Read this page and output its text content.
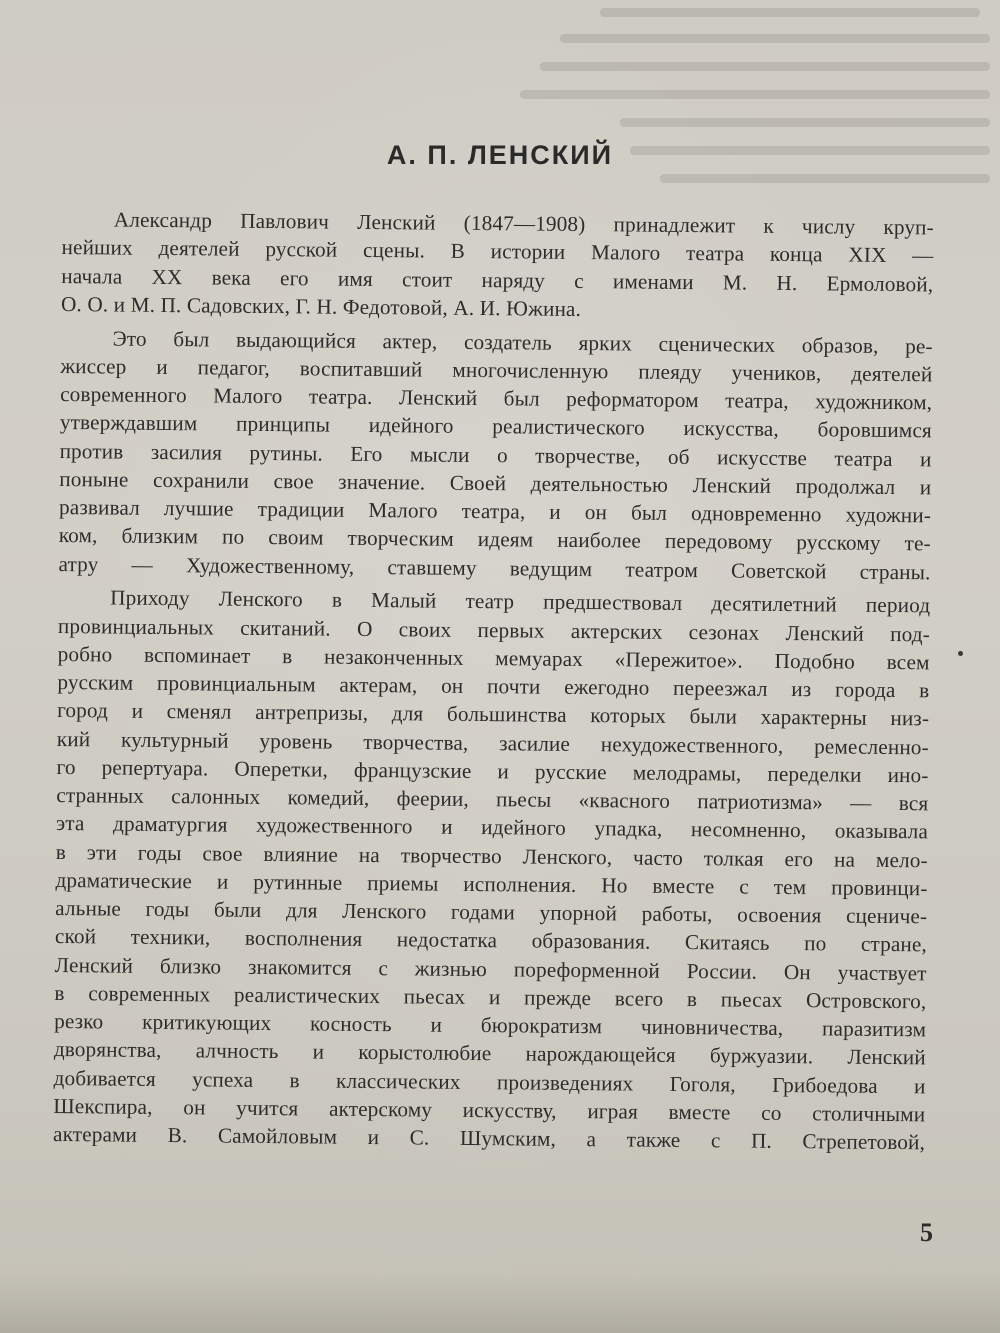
А. П. ЛЕНСКИЙ
Александр Павлович Ленский (1847—1908) принадлежит к числу круп-
нейших деятелей русской сцены. В истории Малого театра конца XIX —
начала XX века его имя стоит наряду с именами М. Н. Ермоловой,
О. О. и М. П. Садовских, Г. Н. Федотовой, А. И. Южина.
Это был выдающийся актер, создатель ярких сценических образов, ре-
жиссер и педагог, воспитавший многочисленную плеяду учеников, деятелей
современного Малого театра. Ленский был реформатором театра, художником,
утверждавшим принципы идейного реалистического искусства, боровшимся
против засилия рутины. Его мысли о творчестве, об искусстве театра и
поныне сохранили свое значение. Своей деятельностью Ленский продолжал и
развивал лучшие традиции Малого театра, и он был одновременно художни-
ком, близким по своим творческим идеям наиболее передовому русскому те-
атру — Художественному, ставшему ведущим театром Советской страны.
Приходу Ленского в Малый театр предшествовал десятилетний период
провинциальных скитаний. О своих первых актерских сезонах Ленский под-
робно вспоминает в незаконченных мемуарах «Пережитое». Подобно всем
русским провинциальным актерам, он почти ежегодно переезжал из города в
город и сменял антрепризы, для большинства которых были характерны низ-
кий культурный уровень творчества, засилие нехудожественного, ремесленно-
го репертуара. Оперетки, французские и русские мелодрамы, переделки ино-
странных салонных комедий, феерии, пьесы «квасного патриотизма» — вся
эта драматургия художественного и идейного упадка, несомненно, оказывала
в эти годы свое влияние на творчество Ленского, часто толкая его на мело-
драматические и рутинные приемы исполнения. Но вместе с тем провинци-
альные годы были для Ленского годами упорной работы, освоения сцениче-
ской техники, восполнения недостатка образования. Скитаясь по стране,
Ленский близко знакомится с жизнью пореформенной России. Он участвует
в современных реалистических пьесах и прежде всего в пьесах Островского,
резко критикующих косность и бюрократизм чиновничества, паразитизм
дворянства, алчность и корыстолюбие нарождающейся буржуазии. Ленский
добивается успеха в классических произведениях Гоголя, Грибоедова и
Шекспира, он учится актерскому искусству, играя вместе со столичными
актерами В. Самойловым и С. Шумским, а также с П. Стрепетовой,
5
